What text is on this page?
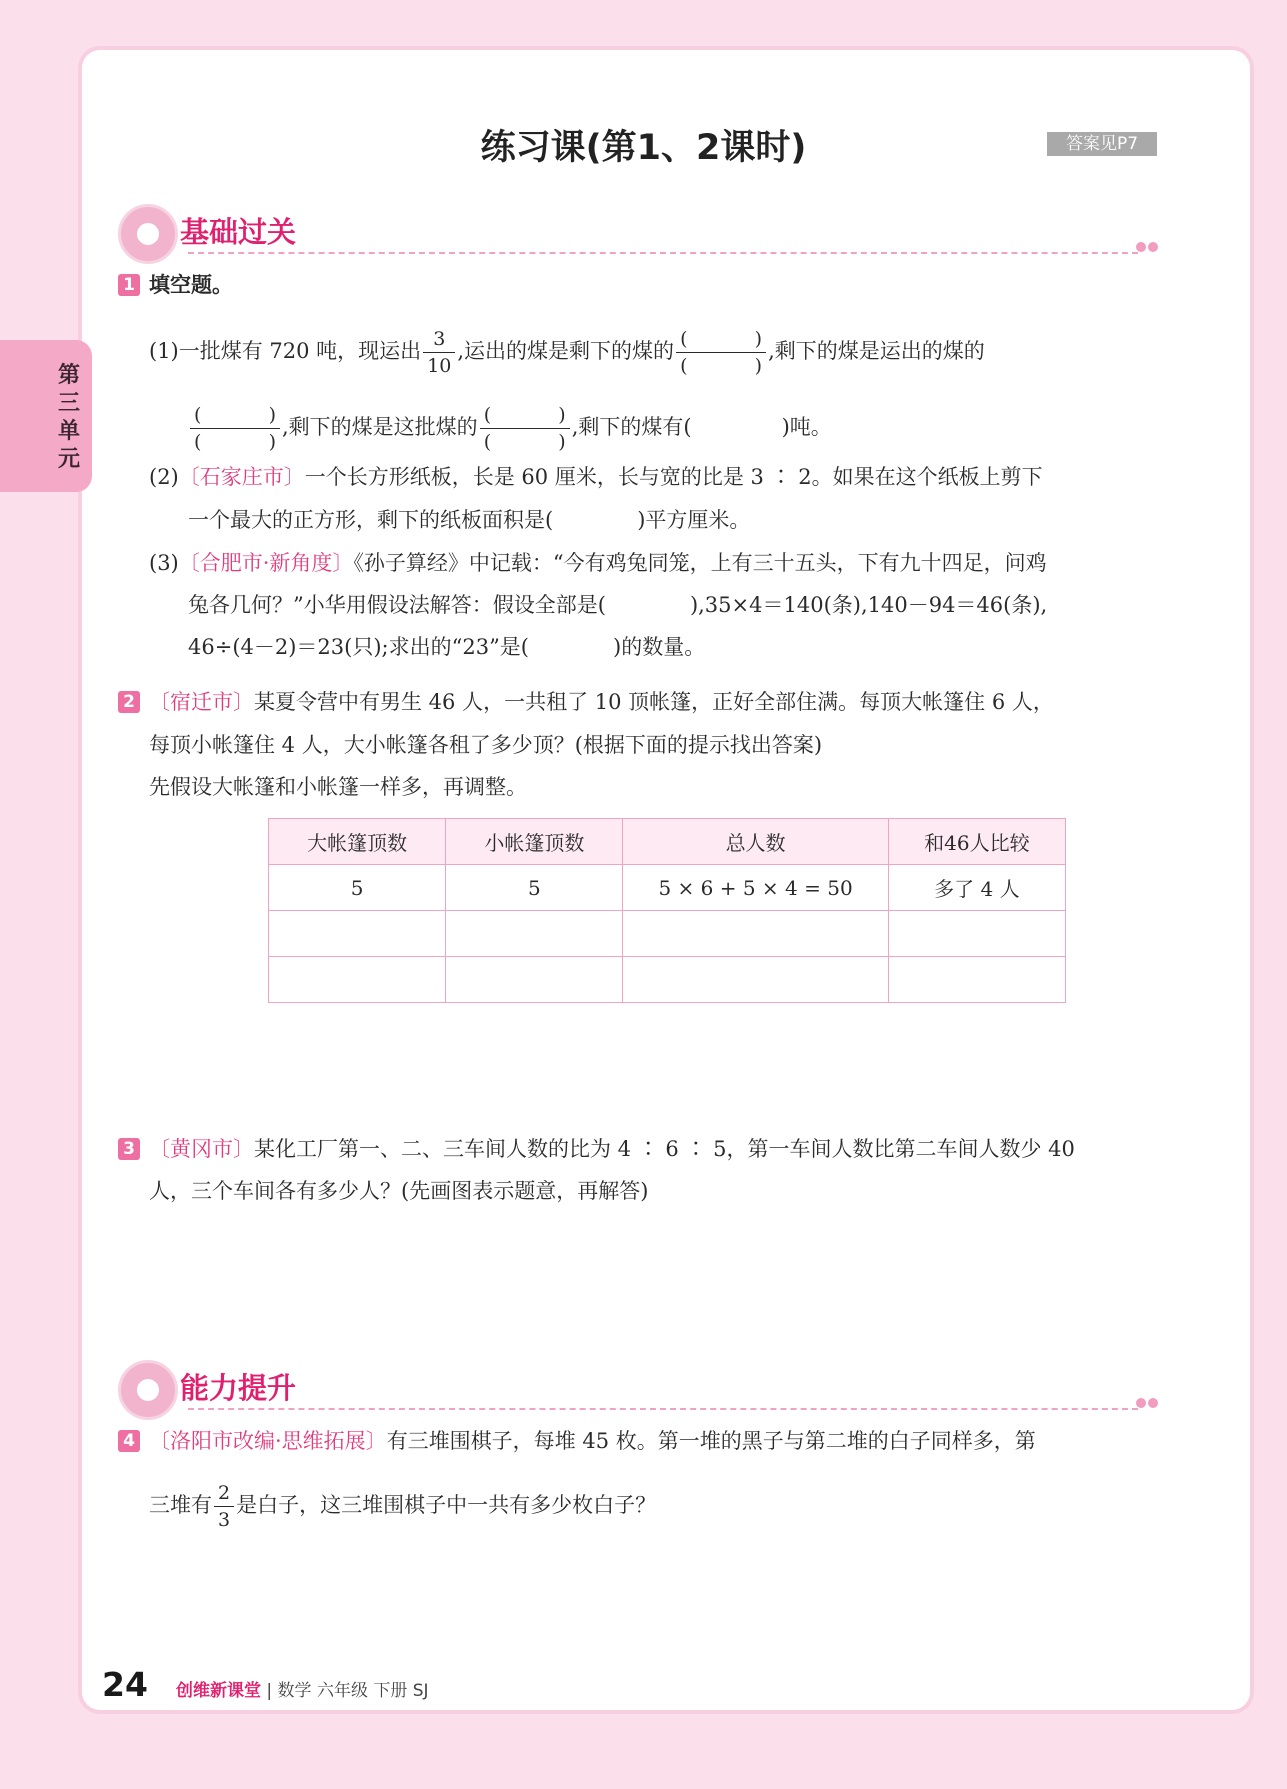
第三单元
练习课(第1、2课时)	答案见P7
基础过关
1 填空题。
(1)一批煤有 720 吨，现运出 $\frac{3}{10}$ ,运出的煤是剩下的煤的 (	)
(	) ,剩下的煤是运出的煤的
(	)
(	) ,剩下的煤是这批煤的 (	)
(	) ,剩下的煤有(	)吨。
(2)〔石家庄市〕一个长方形纸板，长是 60 厘米，长与宽的比是 3 ∶ 2。如果在这个纸板上剪下
一个最大的正方形，剩下的纸板面积是(	)平方厘米。
(3)〔合肥市·新角度〕《孙子算经》中记载：“今有鸡兔同笼，上有三十五头，下有九十四足，问鸡
兔各几何？”小华用假设法解答：假设全部是(	),35×4＝140(条),140－94＝46(条),
46÷(4－2)＝23(只);求出的“23”是(	)的数量。
2 〔宿迁市〕某夏令营中有男生 46 人，一共租了 10 顶帐篷，正好全部住满。每顶大帐篷住 6 人，
每顶小帐篷住 4 人，大小帐篷各租了多少顶？(根据下面的提示找出答案)
先假设大帐篷和小帐篷一样多，再调整。
大帐篷顶数	小帐篷顶数	总人数	和46人比较
5	5	5 × 6 + 5 × 4 = 50	多了 4 人

3 〔黄冈市〕某化工厂第一、二、三车间人数的比为 4 ∶ 6 ∶ 5，第一车间人数比第二车间人数少 40
人，三个车间各有多少人？(先画图表示题意，再解答)
能力提升
4 〔洛阳市改编·思维拓展〕有三堆围棋子，每堆 45 枚。第一堆的黑子与第二堆的白子同样多，第
三堆有 $\frac{2}{3}$ 是白子，这三堆围棋子中一共有多少枚白子？
24 创维新课堂 | 数学 六年级 下册 SJ
